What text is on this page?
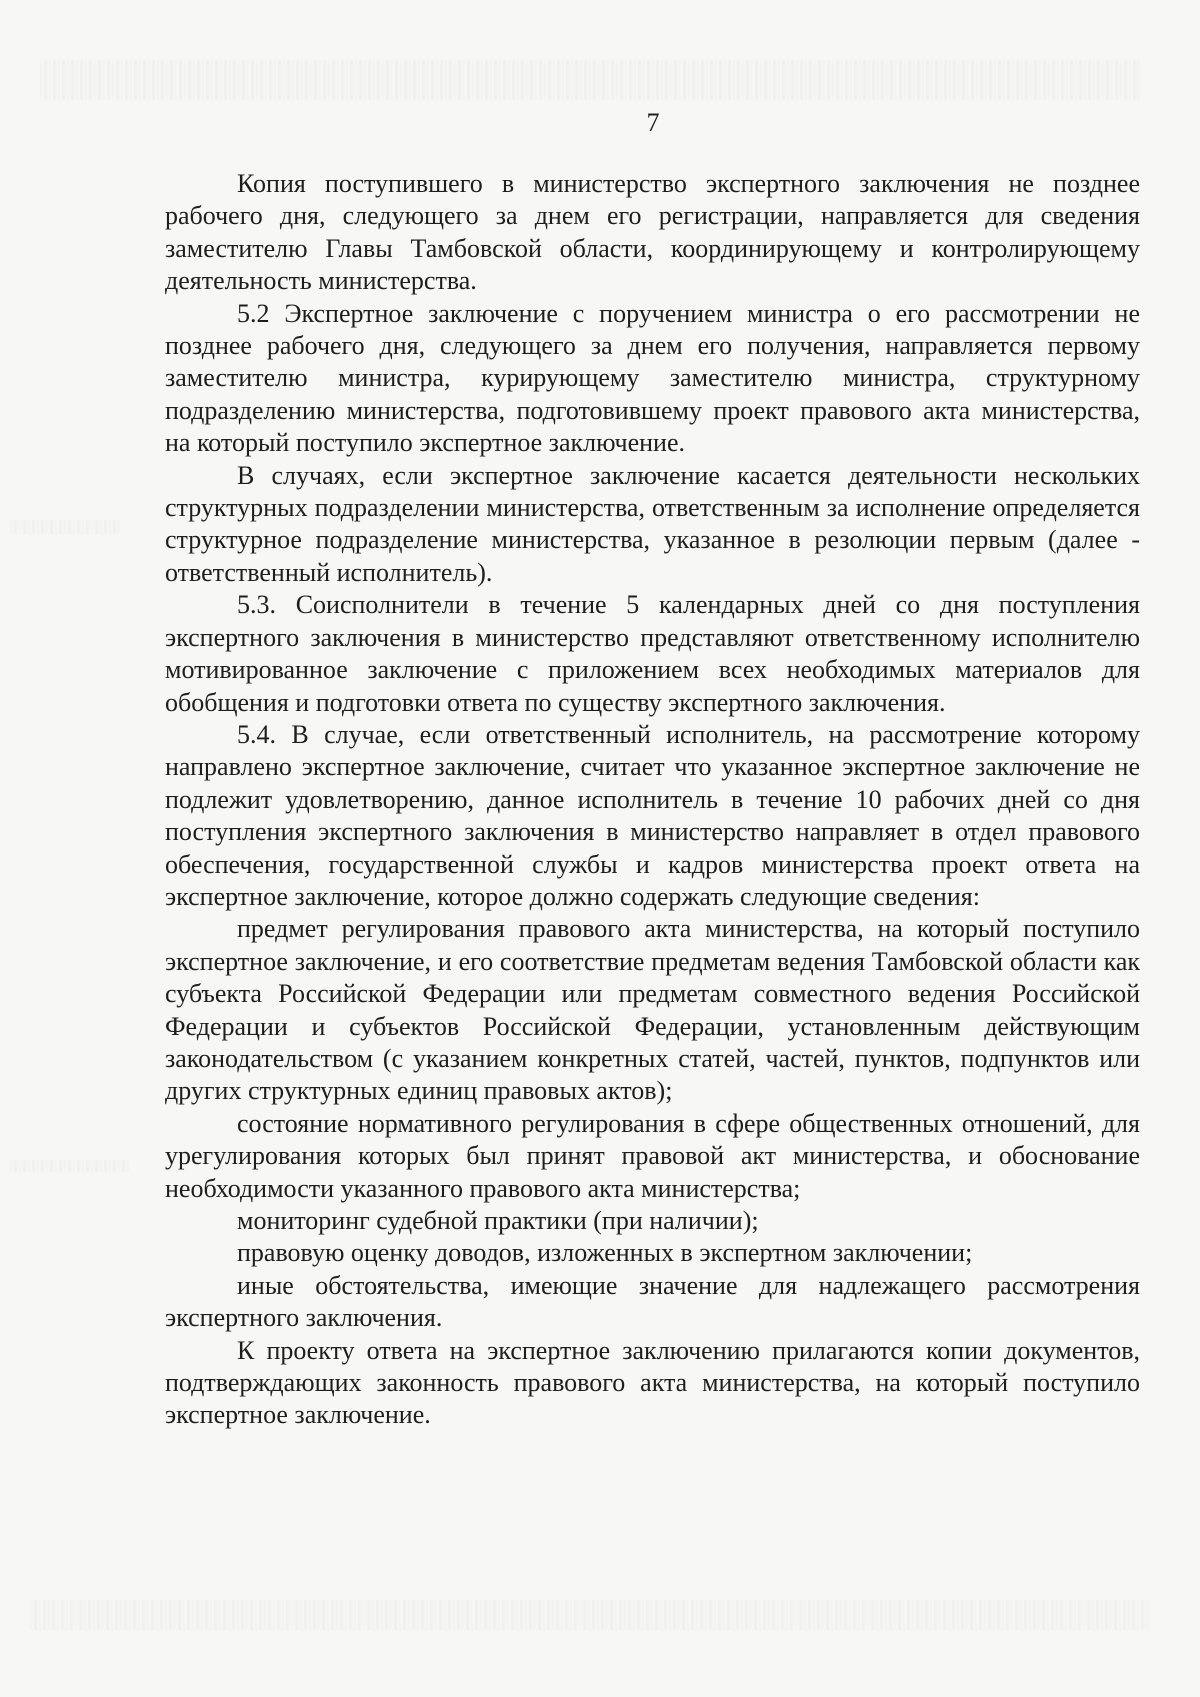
7

Копия поступившего в министерство экспертного заключения не позднее рабочего дня, следующего за днем его регистрации, направляется для сведения заместителю Главы Тамбовской области, координирующему и контролирующему деятельность министерства.

5.2 Экспертное заключение с поручением министра о его рассмотрении не позднее рабочего дня, следующего за днем его получения, направляется первому заместителю министра, курирующему заместителю министра, структурному подразделению министерства, подготовившему проект правового акта министерства, на который поступило экспертное заключение.

В случаях, если экспертное заключение касается деятельности нескольких структурных подразделении министерства, ответственным за исполнение определяется структурное подразделение министерства, указанное в резолюции первым (далее - ответственный исполнитель).

5.3. Соисполнители в течение 5 календарных дней со дня поступления экспертного заключения в министерство представляют ответственному исполнителю мотивированное заключение с приложением всех необходимых материалов для обобщения и подготовки ответа по существу экспертного заключения.

5.4. В случае, если ответственный исполнитель, на рассмотрение которому направлено экспертное заключение, считает что указанное экспертное заключение не подлежит удовлетворению, данное исполнитель в течение 10 рабочих дней со дня поступления экспертного заключения в министерство направляет в отдел правового обеспечения, государственной службы и кадров министерства проект ответа на экспертное заключение, которое должно содержать следующие сведения:

предмет регулирования правового акта министерства, на который поступило экспертное заключение, и его соответствие предметам ведения Тамбовской области как субъекта Российской Федерации или предметам совместного ведения Российской Федерации и субъектов Российской Федерации, установленным действующим законодательством (с указанием конкретных статей, частей, пунктов, подпунктов или других структурных единиц правовых актов);

состояние нормативного регулирования в сфере общественных отношений, для урегулирования которых был принят правовой акт министерства, и обоснование необходимости указанного правового акта министерства;

мониторинг судебной практики (при наличии);

правовую оценку доводов, изложенных в экспертном заключении;

иные обстоятельства, имеющие значение для надлежащего рассмотрения экспертного заключения.

К проекту ответа на экспертное заключению прилагаются копии документов, подтверждающих законность правового акта министерства, на который поступило экспертное заключение.
